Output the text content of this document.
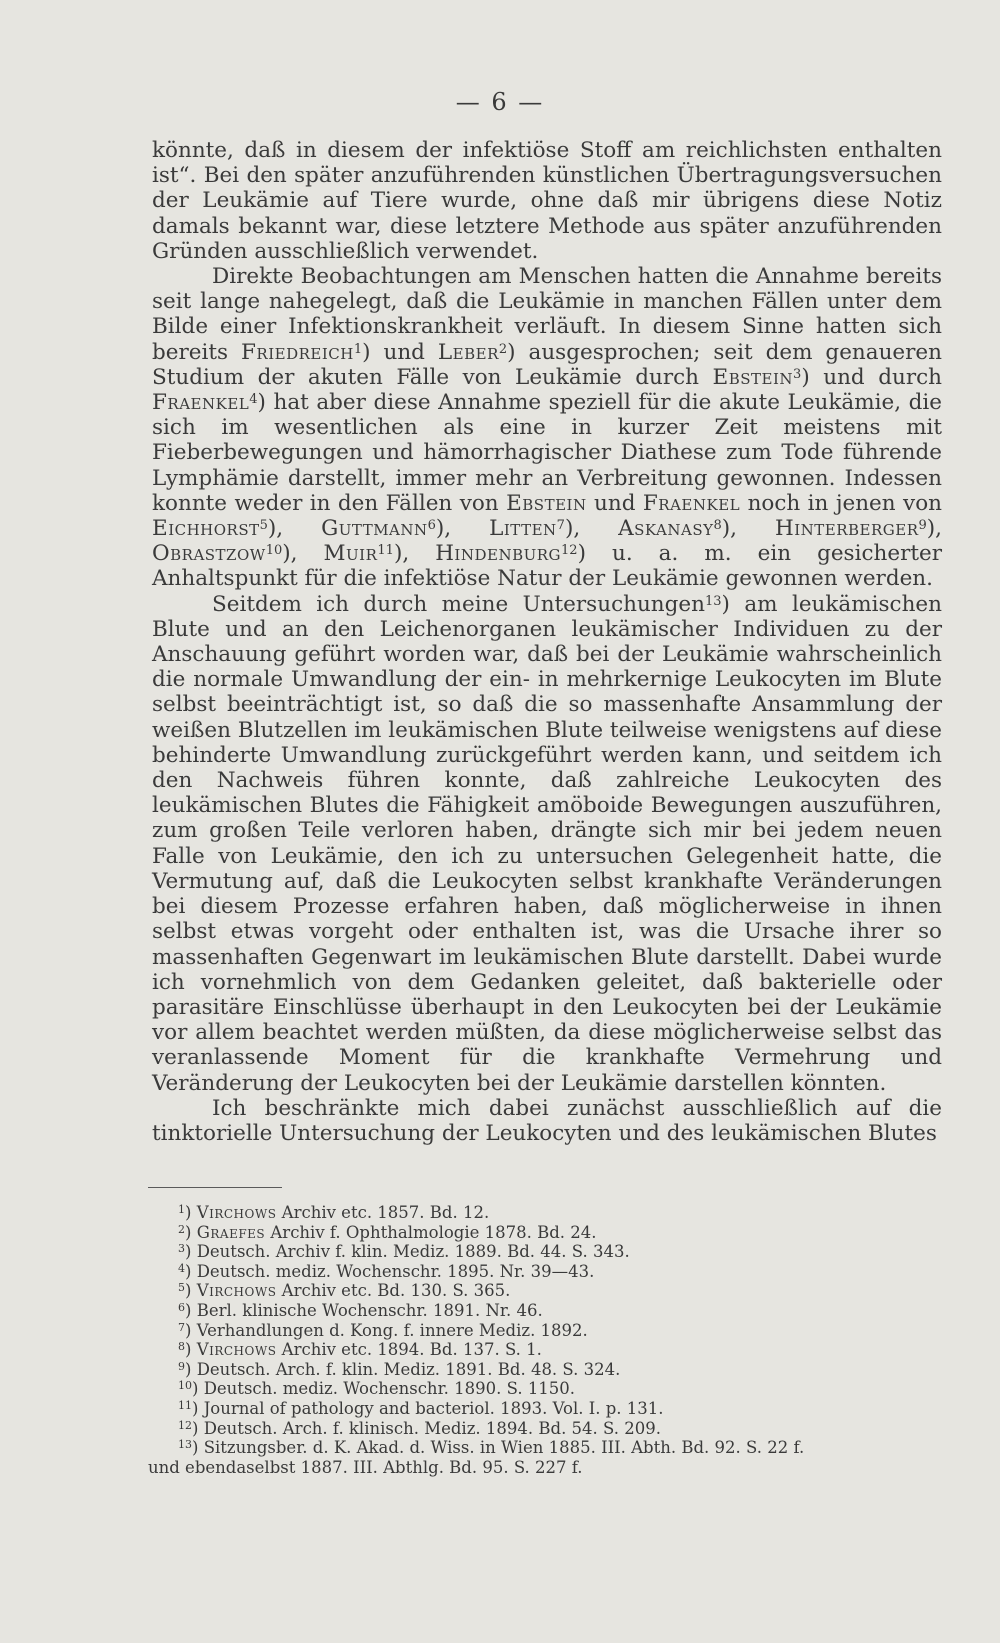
— 6 —

könnte, daß in diesem der infektiöse Stoff am reichlichsten enthalten ist“. Bei den später anzuführenden künstlichen Übertragungsversuchen der Leukämie auf Tiere wurde, ohne daß mir übrigens diese Notiz damals bekannt war, diese letztere Methode aus später anzuführenden Gründen ausschließlich verwendet.

Direkte Beobachtungen am Menschen hatten die Annahme bereits seit lange nahegelegt, daß die Leukämie in manchen Fällen unter dem Bilde einer Infektionskrankheit verläuft. In diesem Sinne hatten sich bereits Friedreich$^1$) und Leber$^2$) ausgesprochen; seit dem genaueren Studium der akuten Fälle von Leukämie durch Ebstein$^3$) und durch Fraenkel$^4$) hat aber diese Annahme speziell für die akute Leukämie, die sich im wesentlichen als eine in kurzer Zeit meistens mit Fieberbewegungen und hämorrhagischer Diathese zum Tode führende Lymphämie darstellt, immer mehr an Verbreitung gewonnen. Indessen konnte weder in den Fällen von Ebstein und Fraenkel noch in jenen von Eichhorst$^5$), Guttmann$^6$), Litten$^7$), Askanasy$^8$), Hinterberger$^9$), Obrastzow$^{10}$), Muir$^{11}$), Hindenburg$^{12}$) u. a. m. ein gesicherter Anhaltspunkt für die infektiöse Natur der Leukämie gewonnen werden.

Seitdem ich durch meine Untersuchungen$^{13}$) am leukämischen Blute und an den Leichenorganen leukämischer Individuen zu der Anschauung geführt worden war, daß bei der Leukämie wahrscheinlich die normale Umwandlung der ein- in mehrkernige Leukocyten im Blute selbst beeinträchtigt ist, so daß die so massenhafte Ansammlung der weißen Blutzellen im leukämischen Blute teilweise wenigstens auf diese behinderte Umwandlung zurückgeführt werden kann, und seitdem ich den Nachweis führen konnte, daß zahlreiche Leukocyten des leukämischen Blutes die Fähigkeit amöboide Bewegungen auszuführen, zum großen Teile verloren haben, drängte sich mir bei jedem neuen Falle von Leukämie, den ich zu untersuchen Gelegenheit hatte, die Vermutung auf, daß die Leukocyten selbst krankhafte Veränderungen bei diesem Prozesse erfahren haben, daß möglicherweise in ihnen selbst etwas vorgeht oder enthalten ist, was die Ursache ihrer so massenhaften Gegenwart im leukämischen Blute darstellt. Dabei wurde ich vornehmlich von dem Gedanken geleitet, daß bakterielle oder parasitäre Einschlüsse überhaupt in den Leukocyten bei der Leukämie vor allem beachtet werden müßten, da diese möglicherweise selbst das veranlassende Moment für die krankhafte Vermehrung und Veränderung der Leukocyten bei der Leukämie darstellen könnten.

Ich beschränkte mich dabei zunächst ausschließlich auf die tinktorielle Untersuchung der Leukocyten und des leukämischen Blutes

$^1$) Virchows Archiv etc. 1857. Bd. 12.
$^2$) Graefes Archiv f. Ophthalmologie 1878. Bd. 24.
$^3$) Deutsch. Archiv f. klin. Mediz. 1889. Bd. 44. S. 343.
$^4$) Deutsch. mediz. Wochenschr. 1895. Nr. 39—43.
$^5$) Virchows Archiv etc. Bd. 130. S. 365.
$^6$) Berl. klinische Wochenschr. 1891. Nr. 46.
$^7$) Verhandlungen d. Kong. f. innere Mediz. 1892.
$^8$) Virchows Archiv etc. 1894. Bd. 137. S. 1.
$^9$) Deutsch. Arch. f. klin. Mediz. 1891. Bd. 48. S. 324.
$^{10}$) Deutsch. mediz. Wochenschr. 1890. S. 1150.
$^{11}$) Journal of pathology and bacteriol. 1893. Vol. I. p. 131.
$^{12}$) Deutsch. Arch. f. klinisch. Mediz. 1894. Bd. 54. S. 209.
$^{13}$) Sitzungsber. d. K. Akad. d. Wiss. in Wien 1885. III. Abth. Bd. 92. S. 22 f.
und ebendaselbst 1887. III. Abthlg. Bd. 95. S. 227 f.
